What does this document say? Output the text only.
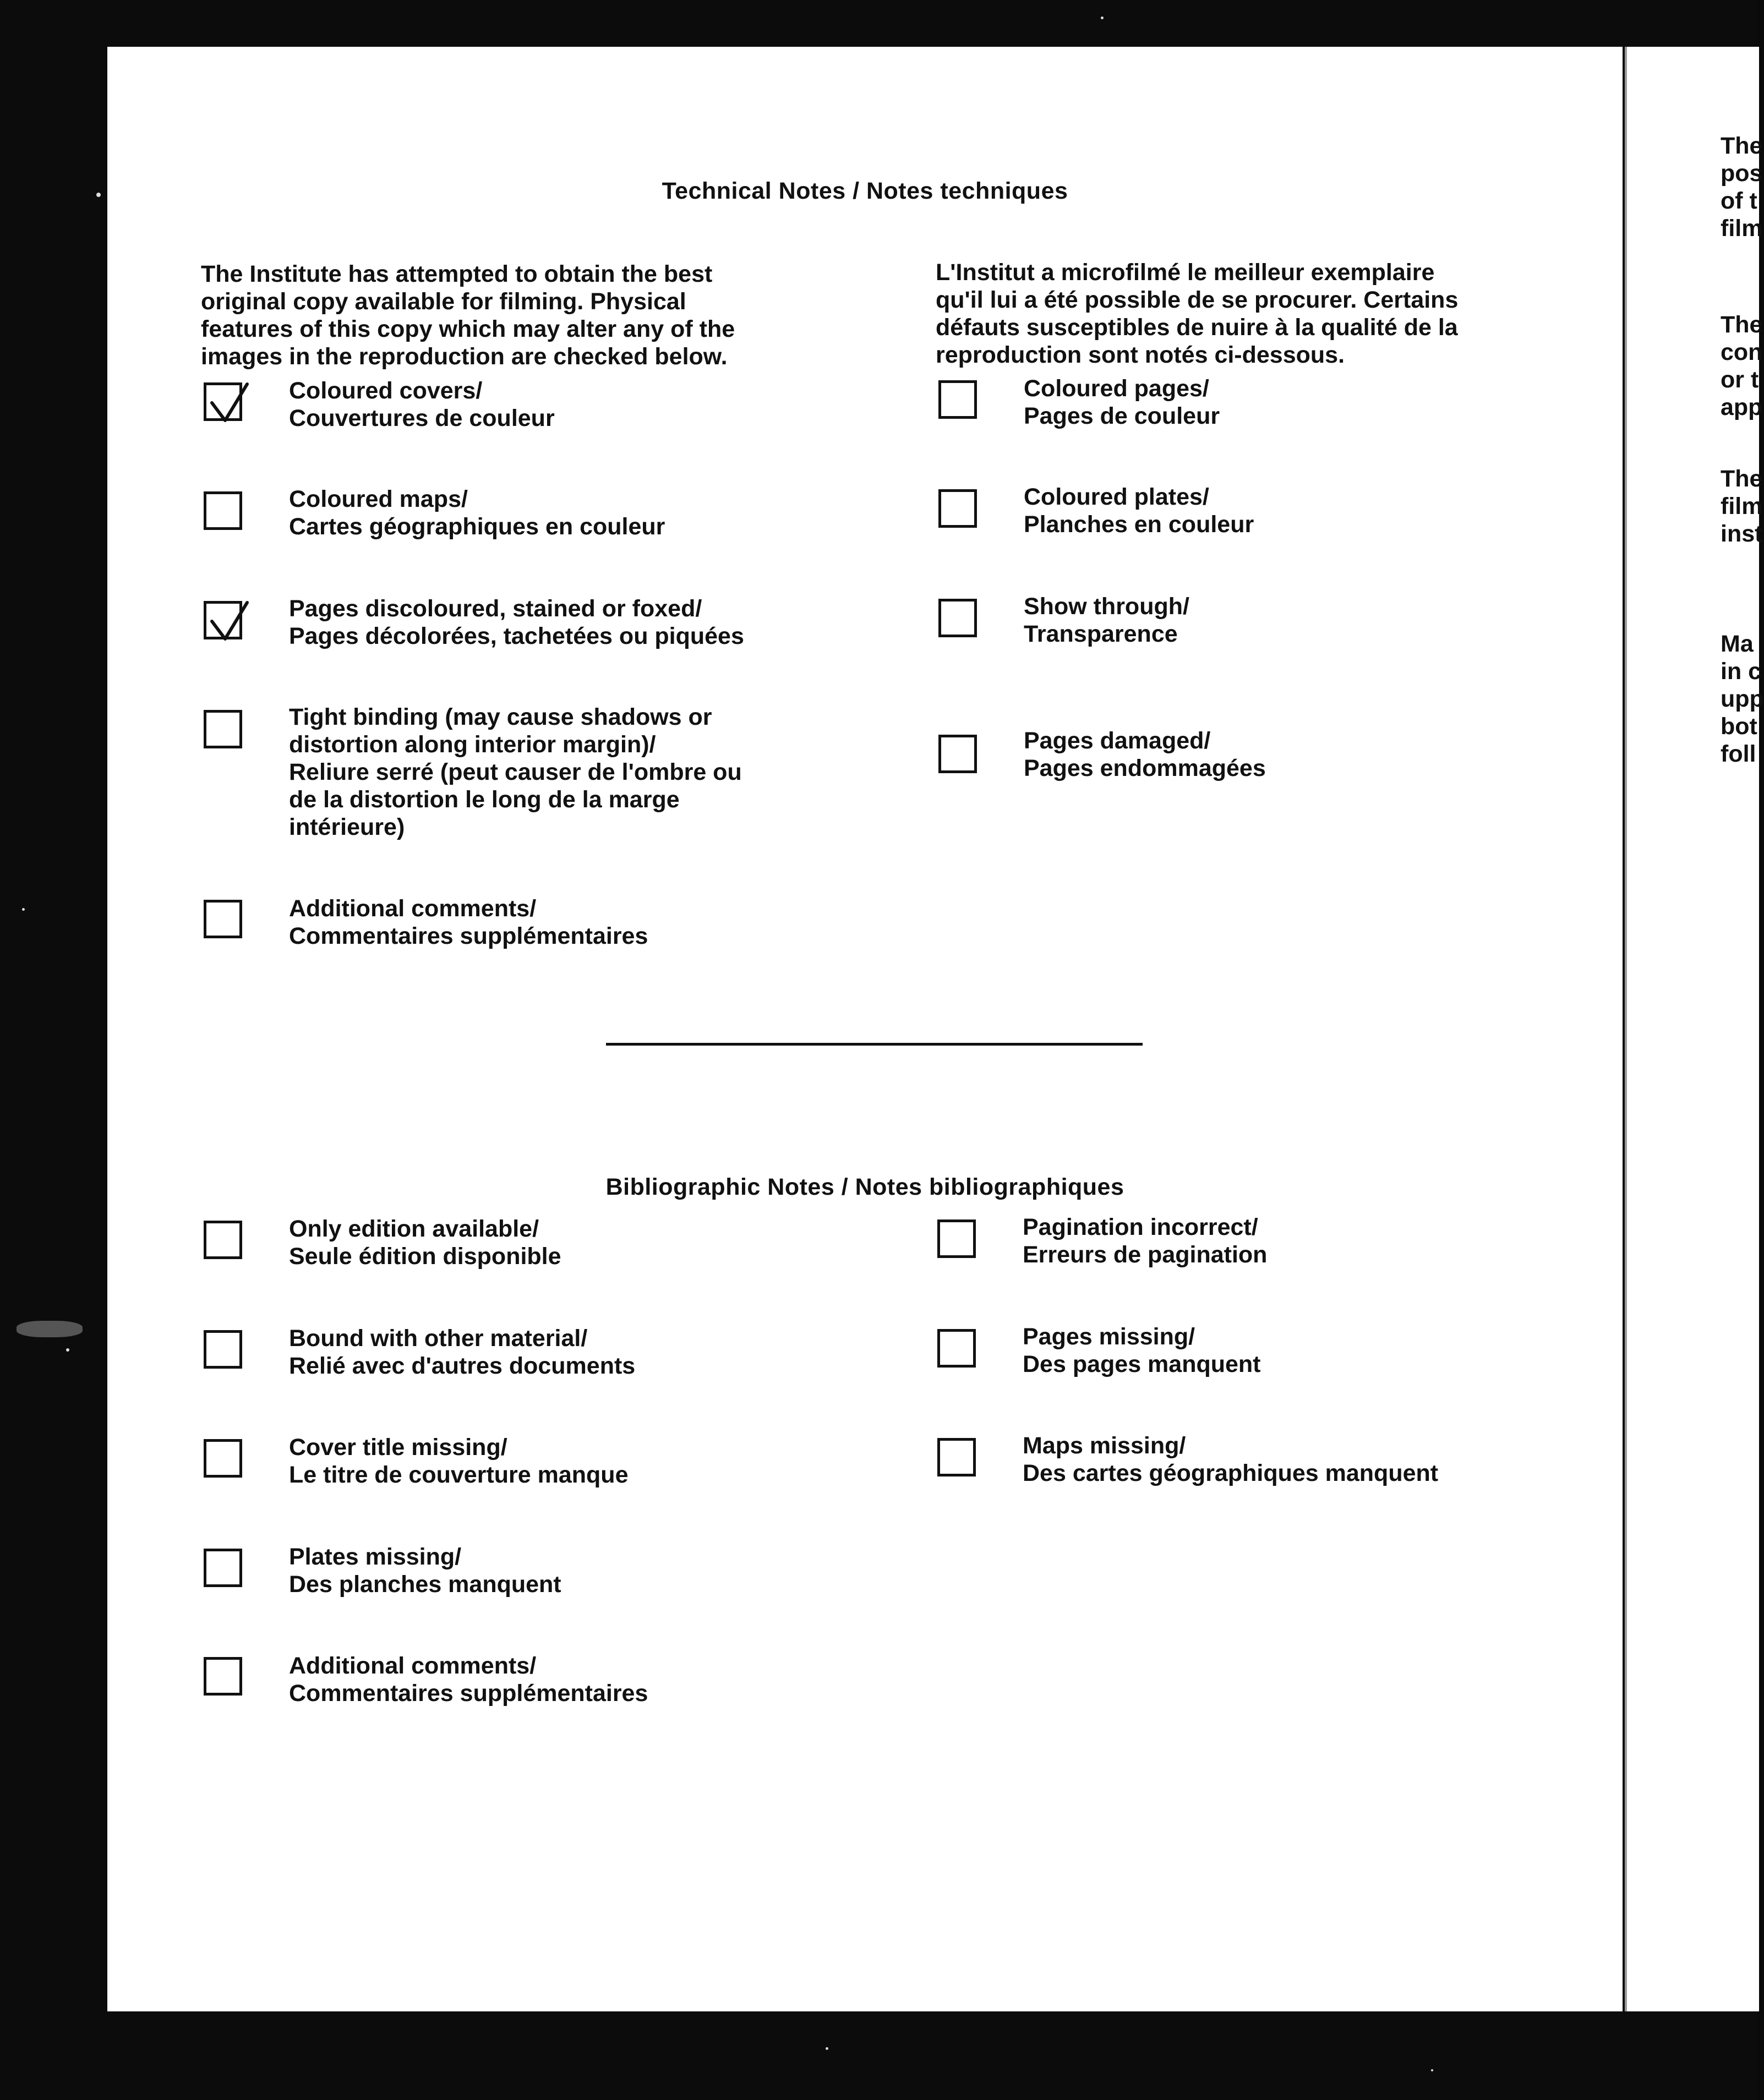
Technical Notes / Notes techniques
The Institute has attempted to obtain the best
original copy available for filming. Physical
features of this copy which may alter any of the
images in the reproduction are checked below.
L'Institut a microfilmé le meilleur exemplaire
qu'il lui a été possible de se procurer. Certains
défauts susceptibles de nuire à la qualité de la
reproduction sont notés ci-dessous.
Coloured covers/
Couvertures de couleur
Coloured maps/
Cartes géographiques en couleur
Pages discoloured, stained or foxed/
Pages décolorées, tachetées ou piquées
Tight binding (may cause shadows or
distortion along interior margin)/
Reliure serré (peut causer de l'ombre ou
de la distortion le long de la marge
intérieure)
Additional comments/
Commentaires supplémentaires
Coloured pages/
Pages de couleur
Coloured plates/
Planches en couleur
Show through/
Transparence
Pages damaged/
Pages endommagées
Bibliographic Notes / Notes bibliographiques
Only edition available/
Seule édition disponible
Bound with other material/
Relié avec d'autres documents
Cover title missing/
Le titre de couverture manque
Plates missing/
Des planches manquent
Additional comments/
Commentaires supplémentaires
Pagination incorrect/
Erreurs de pagination
Pages missing/
Des pages manquent
Maps missing/
Des cartes géographiques manquent
The
pos
of t
film
The
con
or t
app
The
film
inst
Ma
in c
upp
bot
foll
